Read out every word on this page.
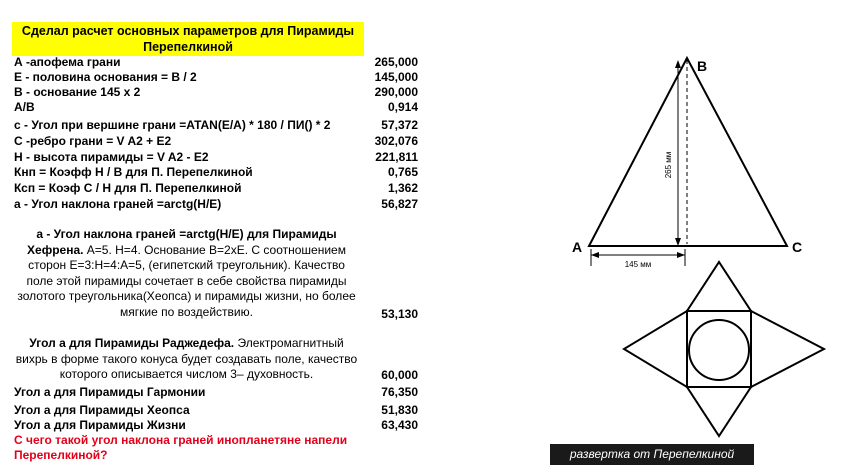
Сделал расчет основных параметров для Пирамиды Перепелкиной
А -апофема грани	265,000
Е - половина основания = В / 2	145,000
В - основание 145 х 2	290,000
А/В	0,914
с - Угол при вершине грани =ATAN(E/A) * 180 / ПИ() * 2	57,372
С -ребро грани = V A2 + E2	302,076
Н - высота пирамиды = V A2 - E2	221,811
Кнп = Коэфф Н / В для П. Перепелкиной	0,765
Ксп = Коэф С / Н для П. Перепелкиной	1,362
а - Угол наклона граней =arctg(H/E)	56,827
а - Угол наклона граней =arctg(H/E) для Пирамиды Хефрена. А=5. Н=4. Основание В=2хЕ. С соотношением сторон Е=3:Н=4:А=5, (египетский треугольник). Качество поле этой пирамиды сочетает в себе свойства пирамиды золотого треугольника(Хеопса) и пирамиды жизни, но более мягкие по воздействию.	53,130
Угол а для Пирамиды Раджедефа. Электромагнитный вихрь в форме такого конуса будет создавать поле, качество которого описывается числом 3– духовность.	60,000
Угол а для Пирамиды Гармонии	76,350
Угол а для Пирамиды Хеопса	51,830
Угол а для Пирамиды Жизни	63,430
С чего такой угол наклона граней инопланетяне напели Перепелкиной?
265 мм
145 мм
А
В
С
развертка от Перепелкиной
